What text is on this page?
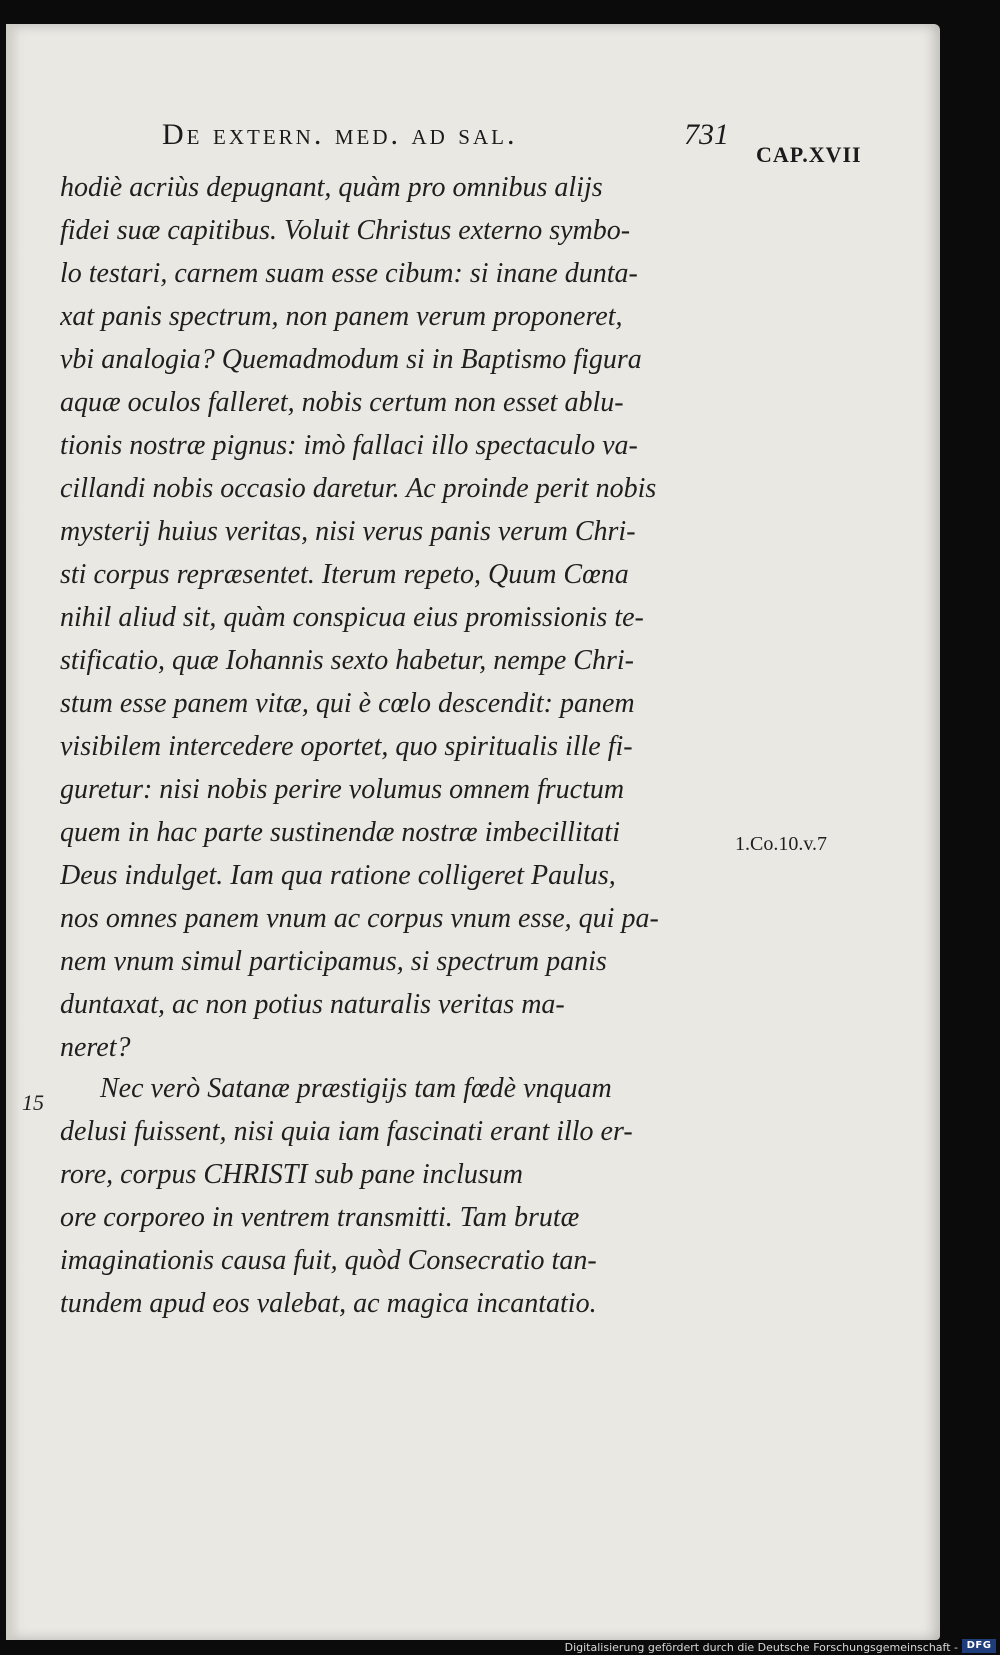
De extern. med. ad sal.	731
CAP.XVII
hodiè acriùs depugnant, quàm pro omnibus alijs
fidei suæ capitibus. Voluit Christus externo symbo-
lo testari, carnem suam esse cibum: si inane dunta-
xat panis spectrum, non panem verum proponeret,
vbi analogia? Quemadmodum si in Baptismo figura
aquæ oculos falleret, nobis certum non esset ablu-
tionis nostræ pignus: imò fallaci illo spectaculo va-
cillandi nobis occasio daretur. Ac proinde perit nobis
mysterij huius veritas, nisi verus panis verum Chri-
sti corpus repræsentet. Iterum repeto, Quum Cœna
nihil aliud sit, quàm conspicua eius promissionis te-
stificatio, quæ Iohannis sexto habetur, nempe Chri-
stum esse panem vitæ, qui è cœlo descendit: panem
visibilem intercedere oportet, quo spiritualis ille fi-
guretur: nisi nobis perire volumus omnem fructum
quem in hac parte sustinendæ nostræ imbecillitati
Deus indulget. Iam qua ratione colligeret Paulus,
nos omnes panem vnum ac corpus vnum esse, qui pa-
nem vnum simul participamus, si spectrum panis
duntaxat, ac non potius naturalis veritas ma-
neret?
1.Co.10.v.7
15	Nec verò Satanæ præstigijs tam fœdè vnquam
delusi fuissent, nisi quia iam fascinati erant illo er-
rore, corpus CHRISTI sub pane inclusum
ore corporeo in ventrem transmitti. Tam brutæ
imaginationis causa fuit, quòd Consecratio tan-
tundem apud eos valebat, ac magica incantatio.
Digitalisierung gefördert durch die Deutsche Forschungsgemeinschaft - DFG
